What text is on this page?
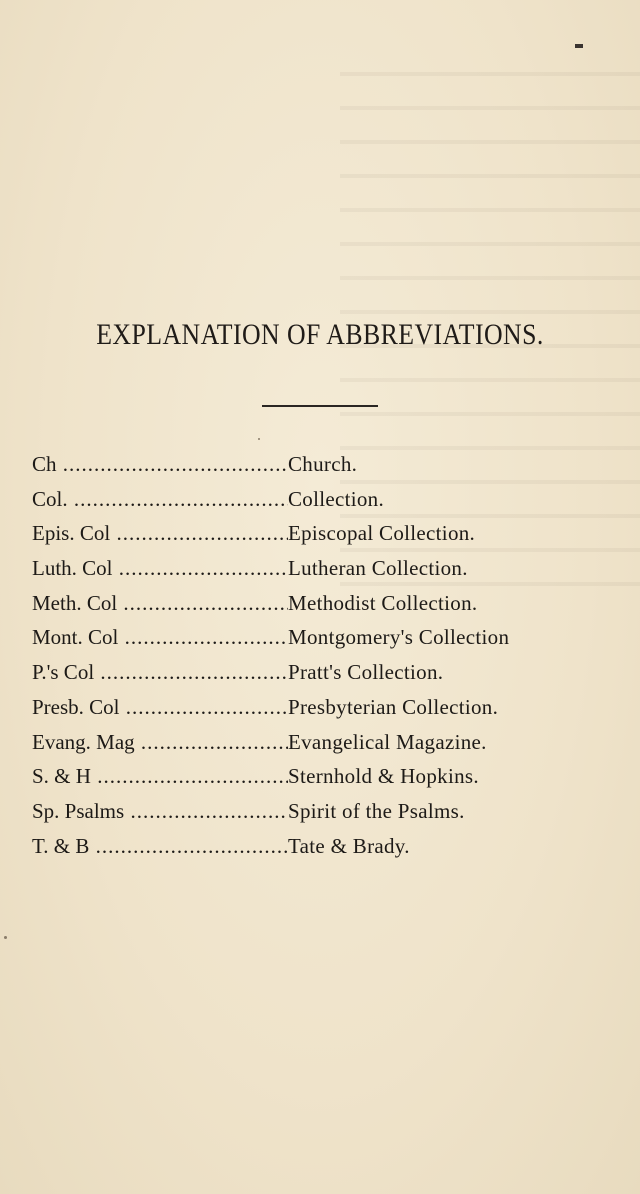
EXPLANATION OF ABBREVIATIONS.
Ch .....	Church.
Col. .....	Collection.
Epis. Col .....	Episcopal Collection.
Luth. Col .....	Lutheran Collection.
Meth. Col .....	Methodist Collection.
Mont. Col .....	Montgomery's Collection
P.'s Col .....	Pratt's Collection.
Presb. Col .....	Presbyterian Collection.
Evang. Mag .....	Evangelical Magazine.
S. & H .....	Sternhold & Hopkins.
Sp. Psalms .....	Spirit of the Psalms.
T. & B .....	Tate & Brady.
